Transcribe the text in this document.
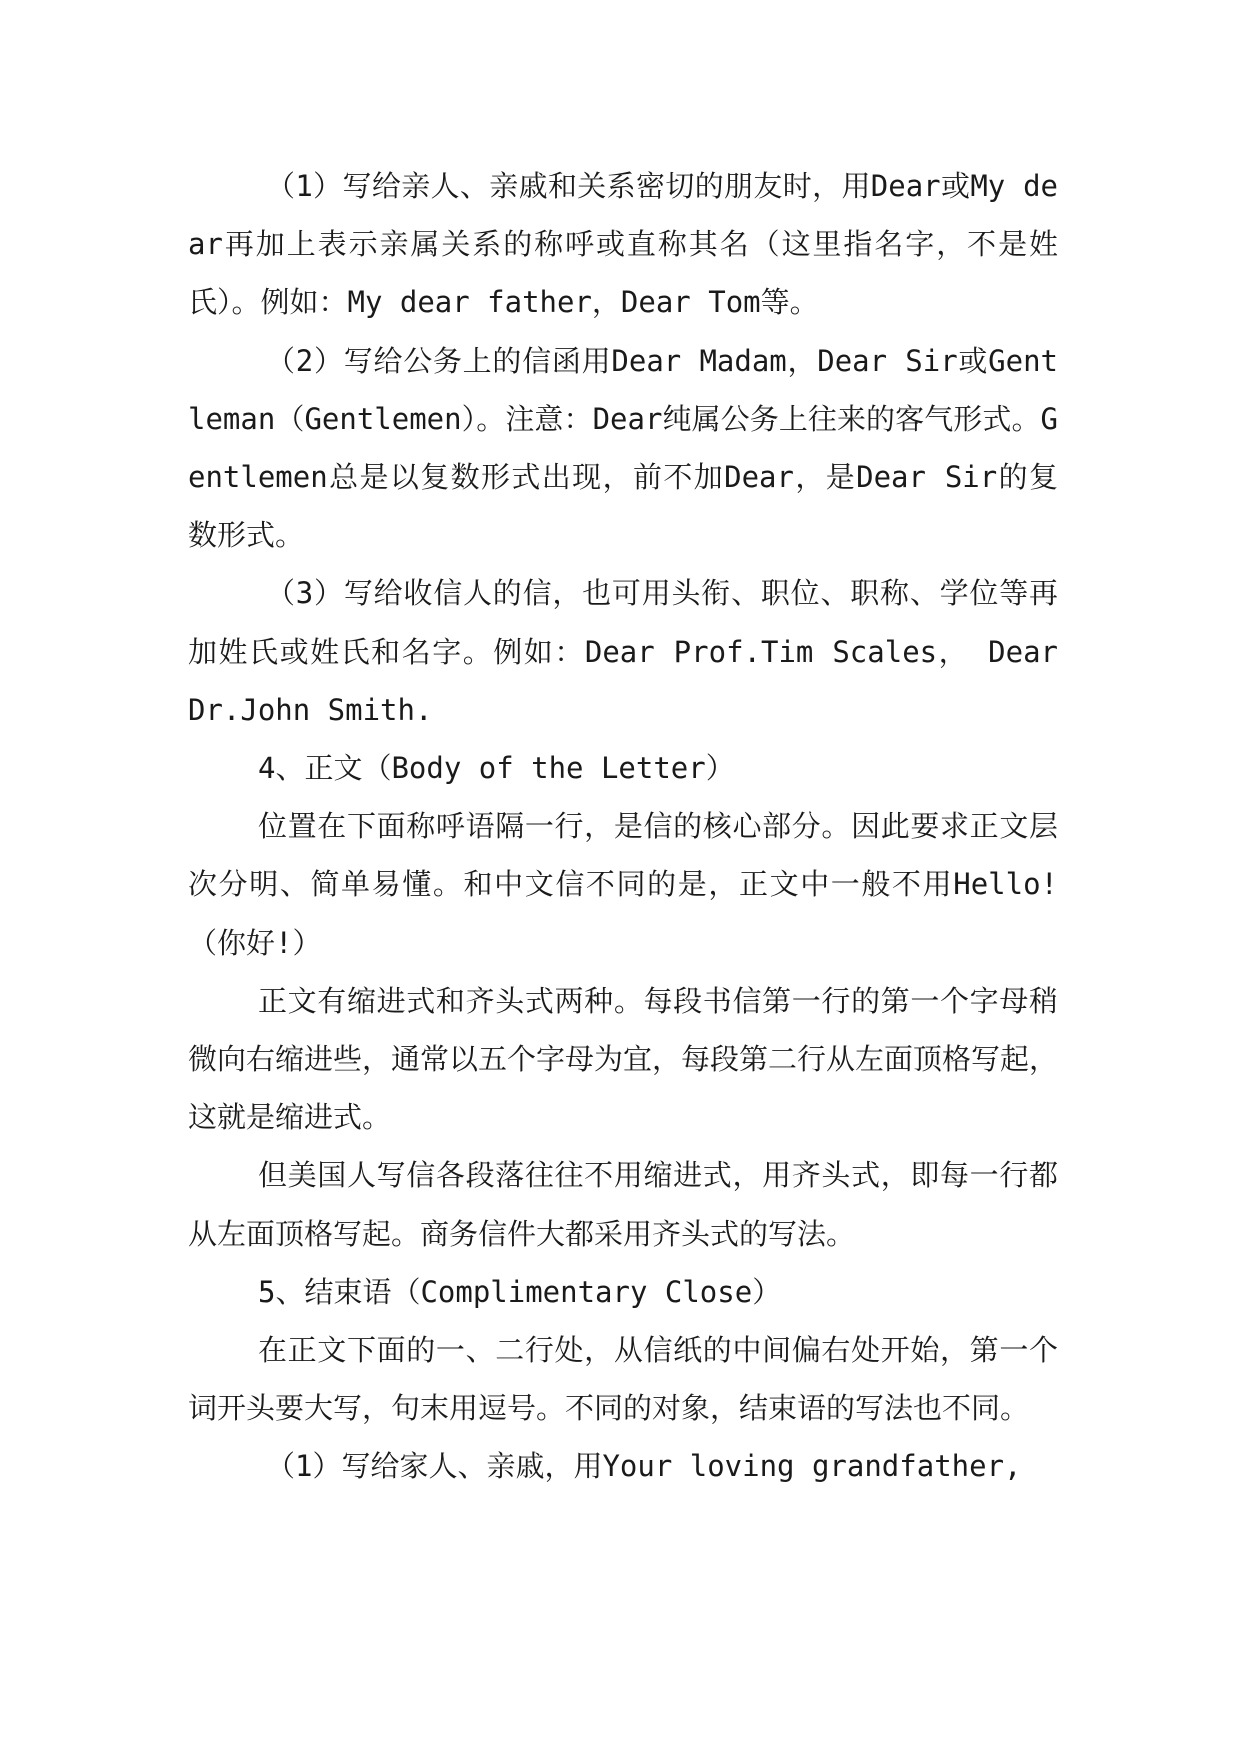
（1）写给亲人、亲戚和关系密切的朋友时，用Dear或My dear再加上表示亲属关系的称呼或直称其名（这里指名字，不是姓氏）。例如：My dear father，Dear Tom等。

（2）写给公务上的信函用Dear Madam，Dear Sir或Gentleman（Gentlemen）。注意：Dear纯属公务上往来的客气形式。Gentlemen总是以复数形式出现，前不加Dear，是Dear Sir的复数形式。

（3）写给收信人的信，也可用头衔、职位、职称、学位等再加姓氏或姓氏和名字。例如：Dear Prof.Tim Scales， Dear Dr.John Smith.

4、正文（Body of the Letter）

位置在下面称呼语隔一行，是信的核心部分。因此要求正文层次分明、简单易懂。和中文信不同的是，正文中一般不用Hello!（你好!）

正文有缩进式和齐头式两种。每段书信第一行的第一个字母稍微向右缩进些，通常以五个字母为宜，每段第二行从左面顶格写起，这就是缩进式。

但美国人写信各段落往往不用缩进式，用齐头式，即每一行都从左面顶格写起。商务信件大都采用齐头式的写法。

5、结束语（Complimentary Close）

在正文下面的一、二行处，从信纸的中间偏右处开始，第一个词开头要大写，句末用逗号。不同的对象，结束语的写法也不同。

（1）写给家人、亲戚，用Your loving grandfather,
